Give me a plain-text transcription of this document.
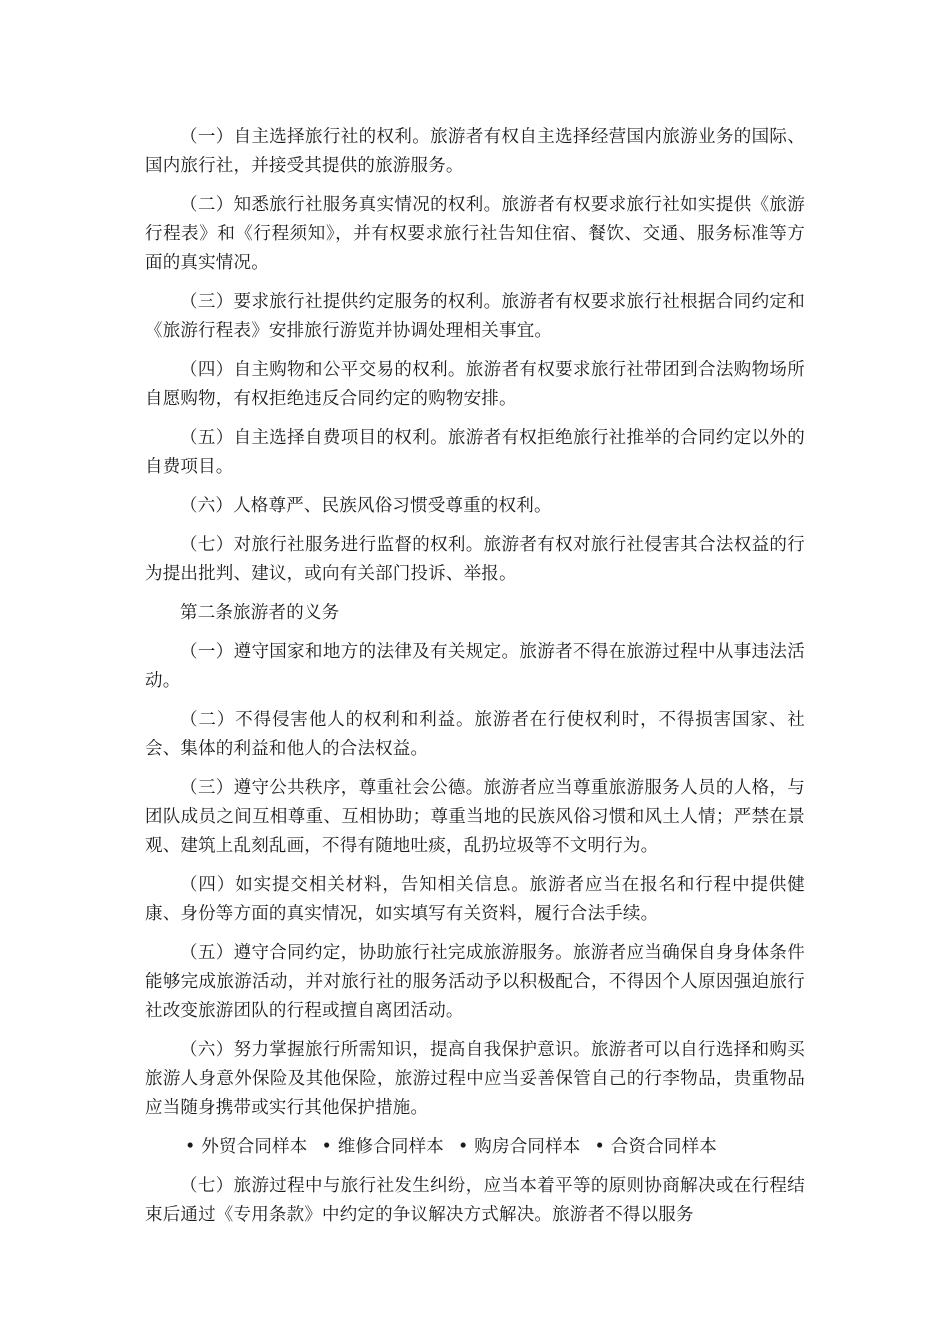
（一）自主选择旅行社的权利。旅游者有权自主选择经营国内旅游业务的国际、国内旅行社，并接受其提供的旅游服务。

（二）知悉旅行社服务真实情况的权利。旅游者有权要求旅行社如实提供《旅游行程表》和《行程须知》，并有权要求旅行社告知住宿、餐饮、交通、服务标准等方面的真实情况。

（三）要求旅行社提供约定服务的权利。旅游者有权要求旅行社根据合同约定和《旅游行程表》安排旅行游览并协调处理相关事宜。

（四）自主购物和公平交易的权利。旅游者有权要求旅行社带团到合法购物场所自愿购物，有权拒绝违反合同约定的购物安排。

（五）自主选择自费项目的权利。旅游者有权拒绝旅行社推举的合同约定以外的自费项目。

（六）人格尊严、民族风俗习惯受尊重的权利。

（七）对旅行社服务进行监督的权利。旅游者有权对旅行社侵害其合法权益的行为提出批判、建议，或向有关部门投诉、举报。

第二条旅游者的义务

（一）遵守国家和地方的法律及有关规定。旅游者不得在旅游过程中从事违法活动。

（二）不得侵害他人的权利和利益。旅游者在行使权利时，不得损害国家、社会、集体的利益和他人的合法权益。

（三）遵守公共秩序，尊重社会公德。旅游者应当尊重旅游服务人员的人格，与团队成员之间互相尊重、互相协助；尊重当地的民族风俗习惯和风土人情；严禁在景观、建筑上乱刻乱画，不得有随地吐痰，乱扔垃圾等不文明行为。

（四）如实提交相关材料，告知相关信息。旅游者应当在报名和行程中提供健康、身份等方面的真实情况，如实填写有关资料，履行合法手续。

（五）遵守合同约定，协助旅行社完成旅游服务。旅游者应当确保自身身体条件能够完成旅游活动，并对旅行社的服务活动予以积极配合，不得因个人原因强迫旅行社改变旅游团队的行程或擅自离团活动。

（六）努力掌握旅行所需知识，提高自我保护意识。旅游者可以自行选择和购买旅游人身意外保险及其他保险，旅游过程中应当妥善保管自己的行李物品，贵重物品应当随身携带或实行其他保护措施。

• 外贸合同样本	• 维修合同样本	• 购房合同样本	• 合资合同样本

（七）旅游过程中与旅行社发生纠纷，应当本着平等的原则协商解决或在行程结束后通过《专用条款》中约定的争议解决方式解决。旅游者不得以服务
